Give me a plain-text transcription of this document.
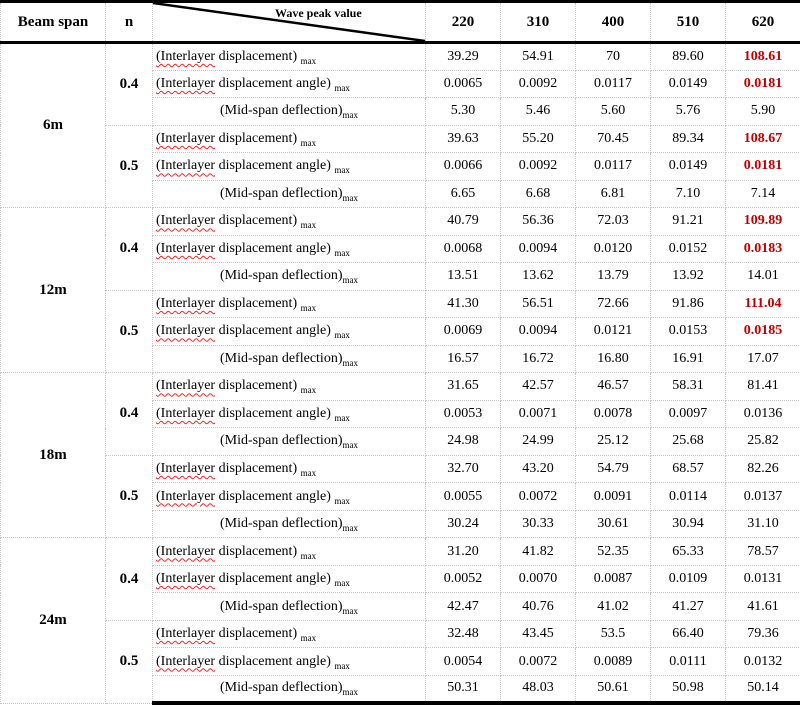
Beam span	n	Wave peak value	220	310	400	510	620
6m	0.4	(Interlayer displacement) $_{max}$	39.29	54.91	70	89.60	108.61
		(Interlayer displacement angle) $_{max}$	0.0065	0.0092	0.0117	0.0149	0.0181
		(Mid-span $deflection)_{max}$	5.30	5.46	5.60	5.76	5.90
	0.5	(Interlayer displacement) $_{max}$	39.63	55.20	70.45	89.34	108.67
		(Interlayer displacement angle) $_{max}$	0.0066	0.0092	0.0117	0.0149	0.0181
		(Mid-span $deflection)_{max}$	6.65	6.68	6.81	7.10	7.14
12m	0.4	(Interlayer displacement) $_{max}$	40.79	56.36	72.03	91.21	109.89
		(Interlayer displacement angle) $_{max}$	0.0068	0.0094	0.0120	0.0152	0.0183
		(Mid-span $deflection)_{max}$	13.51	13.62	13.79	13.92	14.01
	0.5	(Interlayer displacement) $_{max}$	41.30	56.51	72.66	91.86	111.04
		(Interlayer displacement angle) $_{max}$	0.0069	0.0094	0.0121	0.0153	0.0185
		(Mid-span $deflection)_{max}$	16.57	16.72	16.80	16.91	17.07
18m	0.4	(Interlayer displacement) $_{max}$	31.65	42.57	46.57	58.31	81.41
		(Interlayer displacement angle) $_{max}$	0.0053	0.0071	0.0078	0.0097	0.0136
		(Mid-span $deflection)_{max}$	24.98	24.99	25.12	25.68	25.82
	0.5	(Interlayer displacement) $_{max}$	32.70	43.20	54.79	68.57	82.26
		(Interlayer displacement angle) $_{max}$	0.0055	0.0072	0.0091	0.0114	0.0137
		(Mid-span $deflection)_{max}$	30.24	30.33	30.61	30.94	31.10
24m	0.4	(Interlayer displacement) $_{max}$	31.20	41.82	52.35	65.33	78.57
		(Interlayer displacement angle) $_{max}$	0.0052	0.0070	0.0087	0.0109	0.0131
		(Mid-span $deflection)_{max}$	42.47	40.76	41.02	41.27	41.61
	0.5	(Interlayer displacement) $_{max}$	32.48	43.45	53.5	66.40	79.36
		(Interlayer displacement angle) $_{max}$	0.0054	0.0072	0.0089	0.0111	0.0132
		(Mid-span $deflection)_{max}$	50.31	48.03	50.61	50.98	50.14
